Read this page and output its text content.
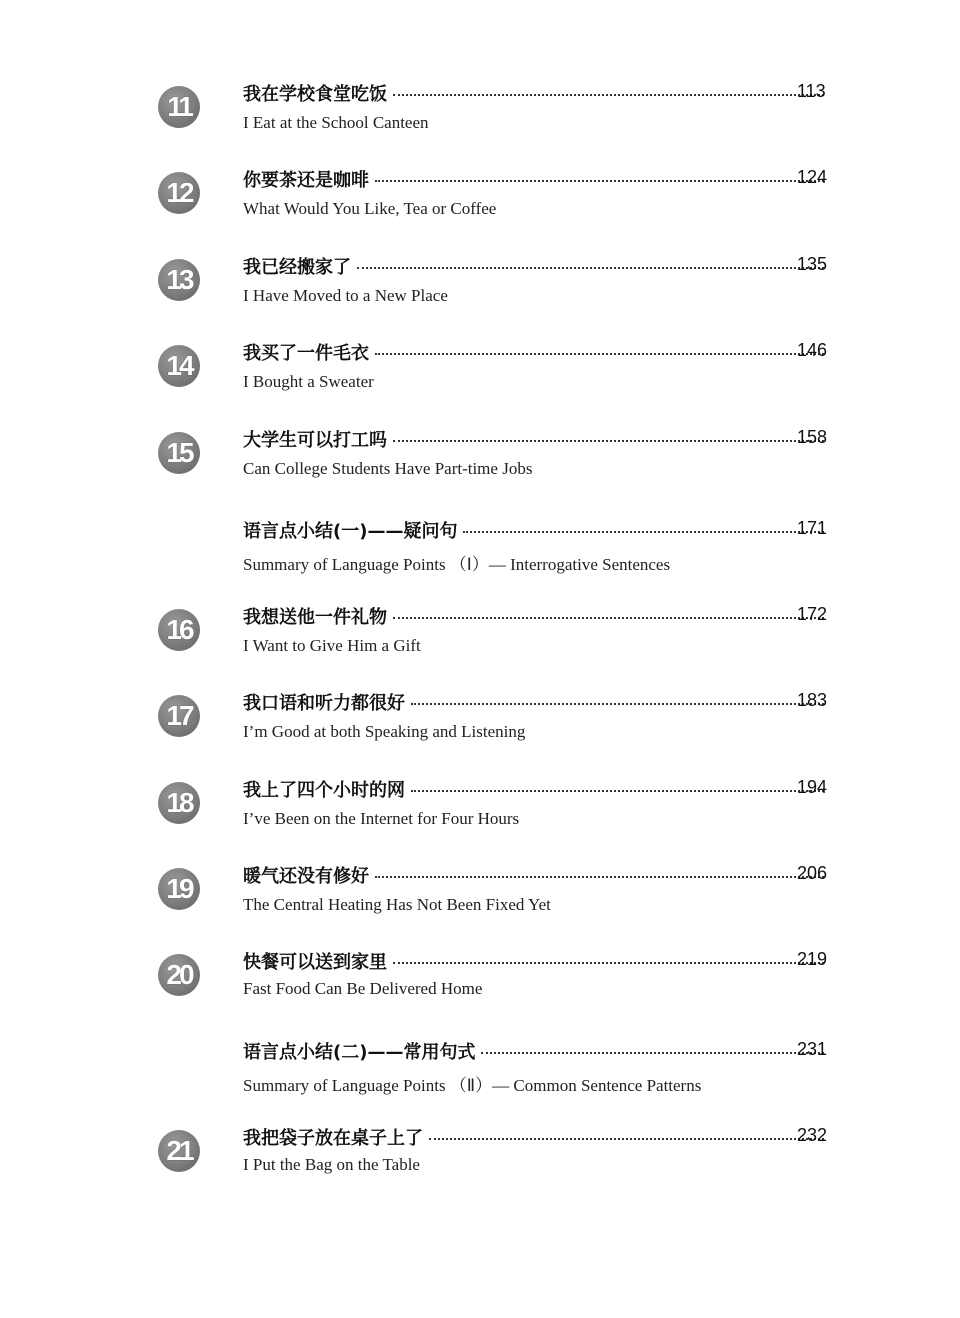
11	我在学校食堂吃饭	113
I Eat at the School Canteen
12	你要茶还是咖啡	124
What Would You Like, Tea or Coffee
13	我已经搬家了	135
I Have Moved to a New Place
14	我买了一件毛衣	146
I Bought a Sweater
15	大学生可以打工吗	158
Can College Students Have Part-time Jobs
语言点小结(一)——疑问句	171
Summary of Language Points （Ⅰ）— Interrogative Sentences
16	我想送他一件礼物	172
I Want to Give Him a Gift
17	我口语和听力都很好	183
I’m Good at both Speaking and Listening
18	我上了四个小时的网	194
I’ve Been on the Internet for Four Hours
19	暖气还没有修好	206
The Central Heating Has Not Been Fixed Yet
20	快餐可以送到家里	219
Fast Food Can Be Delivered Home
语言点小结(二)——常用句式	231
Summary of Language Points （Ⅱ）— Common Sentence Patterns
21	我把袋子放在桌子上了	232
I Put the Bag on the Table
